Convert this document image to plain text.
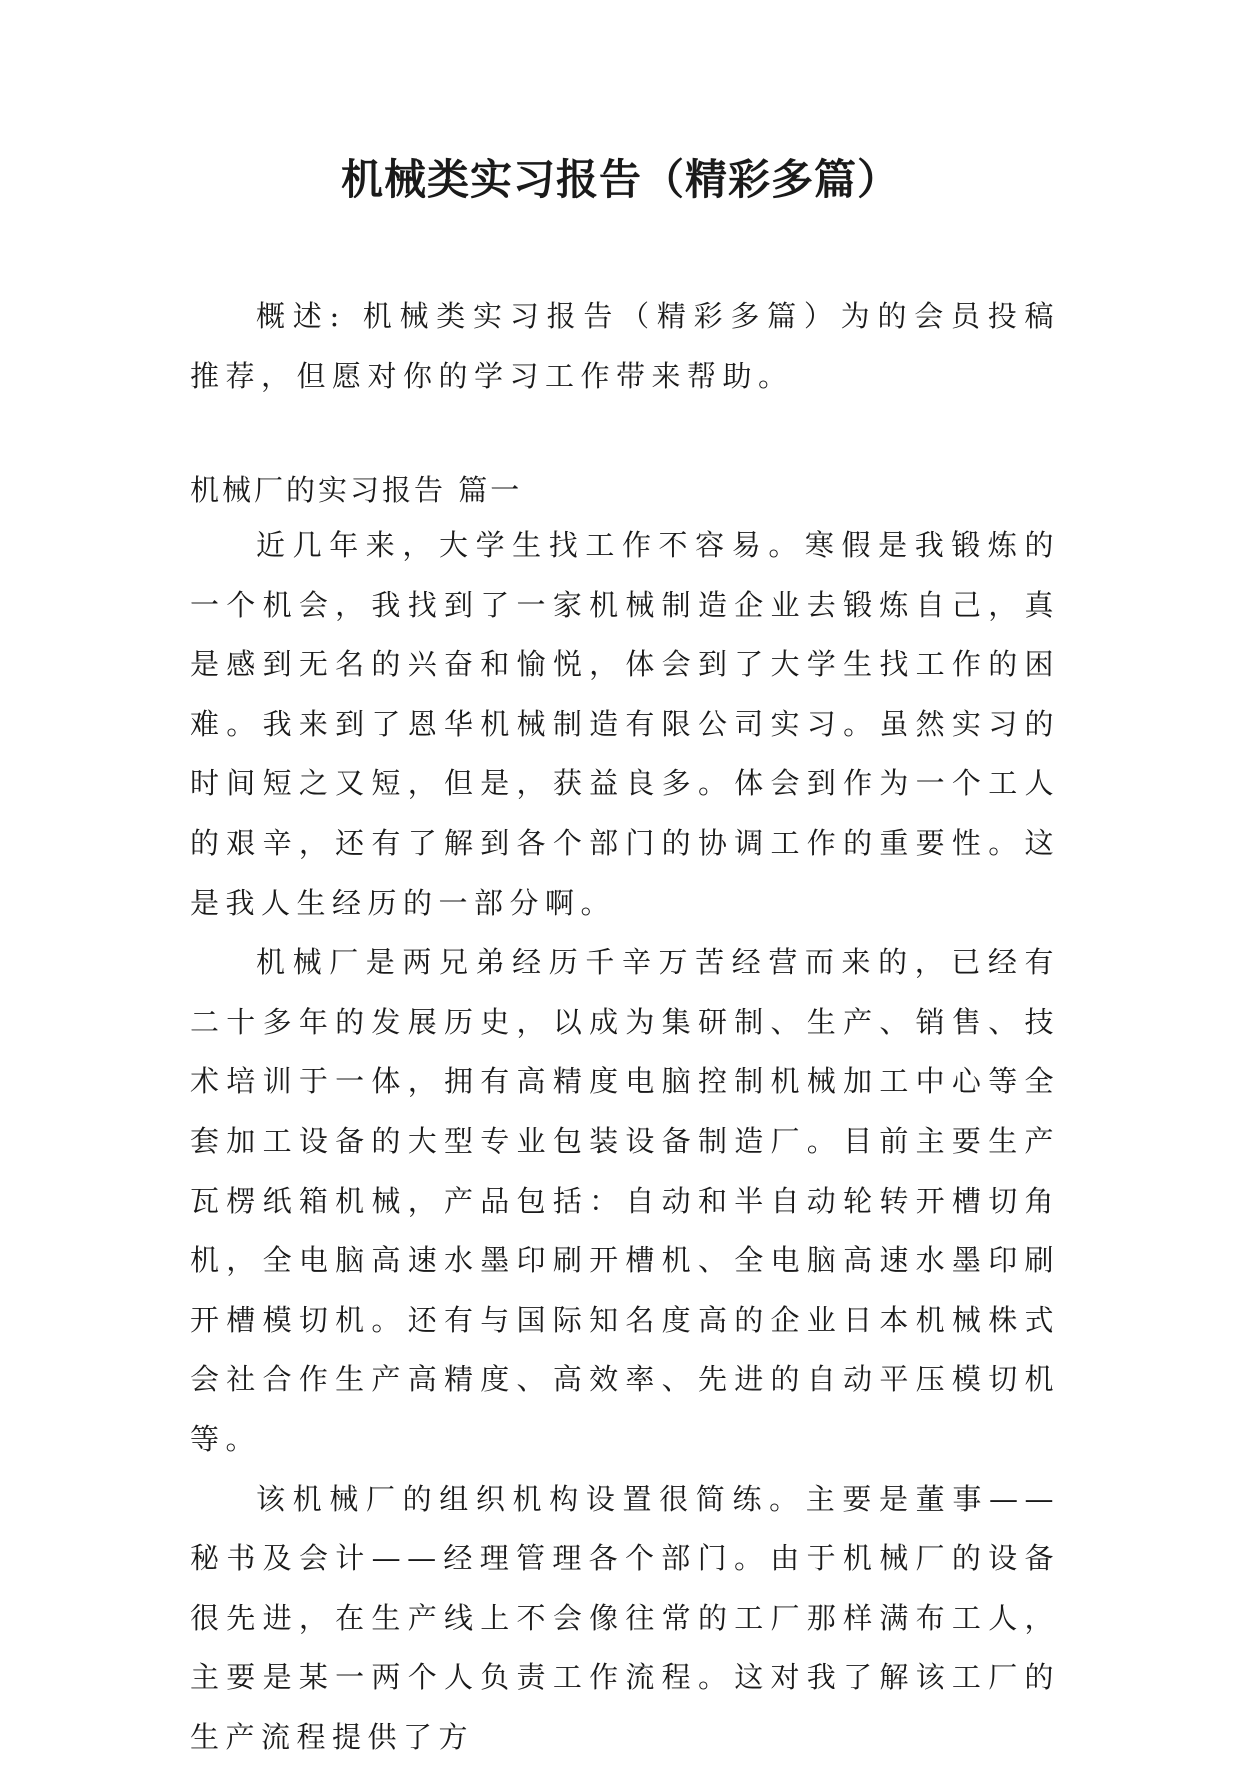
机械类实习报告（精彩多篇）

概述: 机械类实习报告（精彩多篇）为的会员投稿推荐，但愿对你的学习工作带来帮助。

机械厂的实习报告 篇一

近几年来，大学生找工作不容易。寒假是我锻炼的一个机会，我找到了一家机械制造企业去锻炼自己，真是感到无名的兴奋和愉悦，体会到了大学生找工作的困难。我来到了恩华机械制造有限公司实习。虽然实习的时间短之又短，但是，获益良多。体会到作为一个工人的艰辛，还有了解到各个部门的协调工作的重要性。这是我人生经历的一部分啊。

机械厂是两兄弟经历千辛万苦经营而来的，已经有二十多年的发展历史，以成为集研制、生产、销售、技术培训于一体，拥有高精度电脑控制机械加工中心等全套加工设备的大型专业包装设备制造厂。目前主要生产瓦楞纸箱机械，产品包括：自动和半自动轮转开槽切角机，全电脑高速水墨印刷开槽机、全电脑高速水墨印刷开槽模切机。还有与国际知名度高的企业日本机械株式会社合作生产高精度、高效率、先进的自动平压模切机等。

该机械厂的组织机构设置很简练。主要是董事——秘书及会计——经理管理各个部门。由于机械厂的设备很先进，在生产线上不会像往常的工厂那样满布工人，主要是某一两个人负责工作流程。这对我了解该工厂的生产流程提供了方
